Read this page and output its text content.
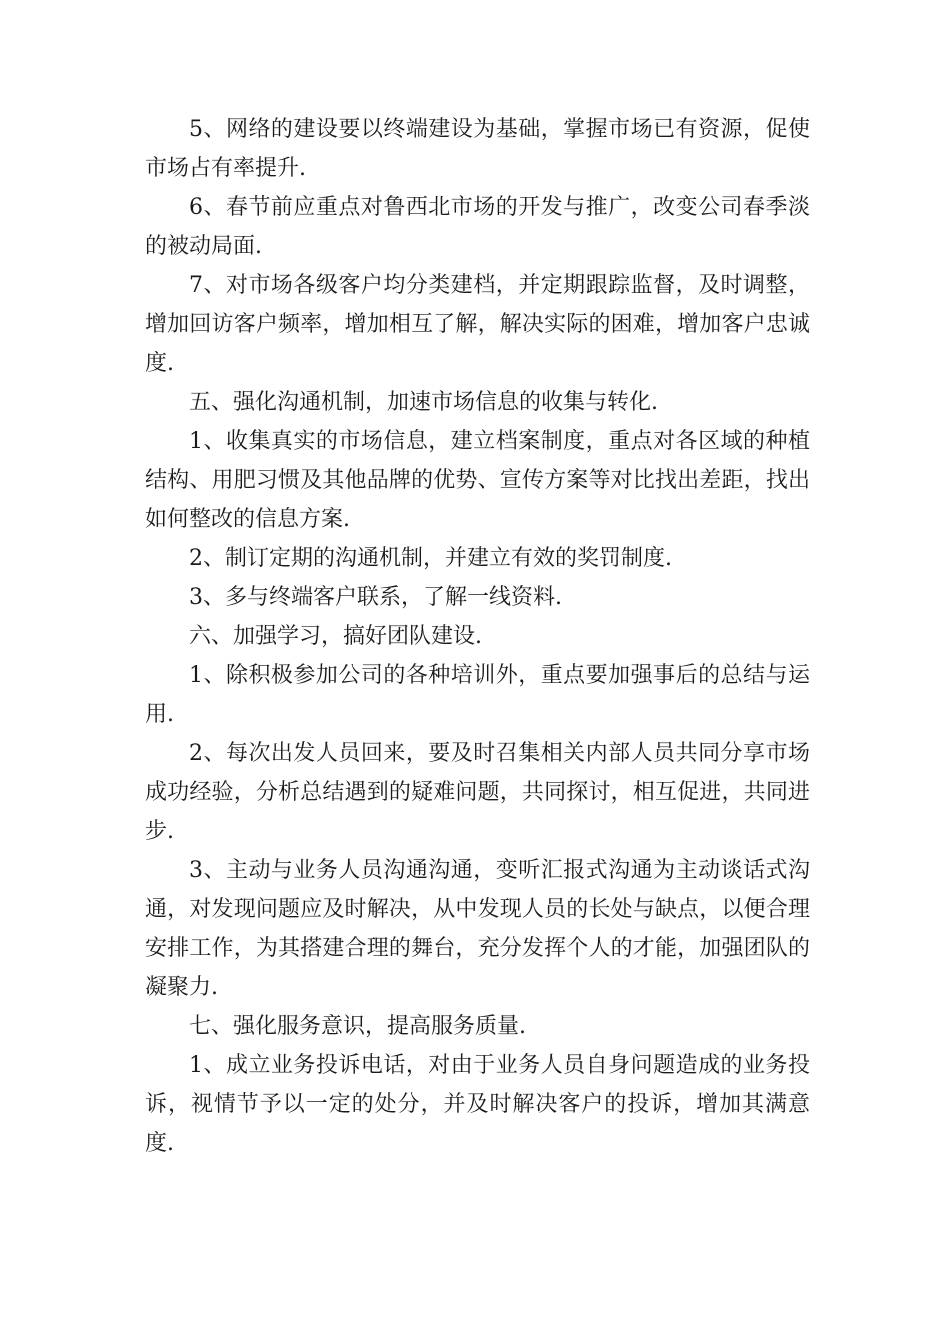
5、网络的建设要以终端建设为基础，掌握市场已有资源，促使市场占有率提升.

6、春节前应重点对鲁西北市场的开发与推广，改变公司春季淡的被动局面.

7、对市场各级客户均分类建档，并定期跟踪监督，及时调整，增加回访客户频率，增加相互了解，解决实际的困难，增加客户忠诚度.

五、强化沟通机制，加速市场信息的收集与转化.

1、收集真实的市场信息，建立档案制度，重点对各区域的种植结构、用肥习惯及其他品牌的优势、宣传方案等对比找出差距，找出如何整改的信息方案.

2、制订定期的沟通机制，并建立有效的奖罚制度.

3、多与终端客户联系，了解一线资料.

六、加强学习，搞好团队建设.

1、除积极参加公司的各种培训外，重点要加强事后的总结与运用.

2、每次出发人员回来，要及时召集相关内部人员共同分享市场成功经验，分析总结遇到的疑难问题，共同探讨，相互促进，共同进步.

3、主动与业务人员沟通沟通，变听汇报式沟通为主动谈话式沟通，对发现问题应及时解决，从中发现人员的长处与缺点，以便合理安排工作，为其搭建合理的舞台，充分发挥个人的才能，加强团队的凝聚力.

七、强化服务意识，提高服务质量.

1、成立业务投诉电话，对由于业务人员自身问题造成的业务投诉，视情节予以一定的处分，并及时解决客户的投诉，增加其满意度.
